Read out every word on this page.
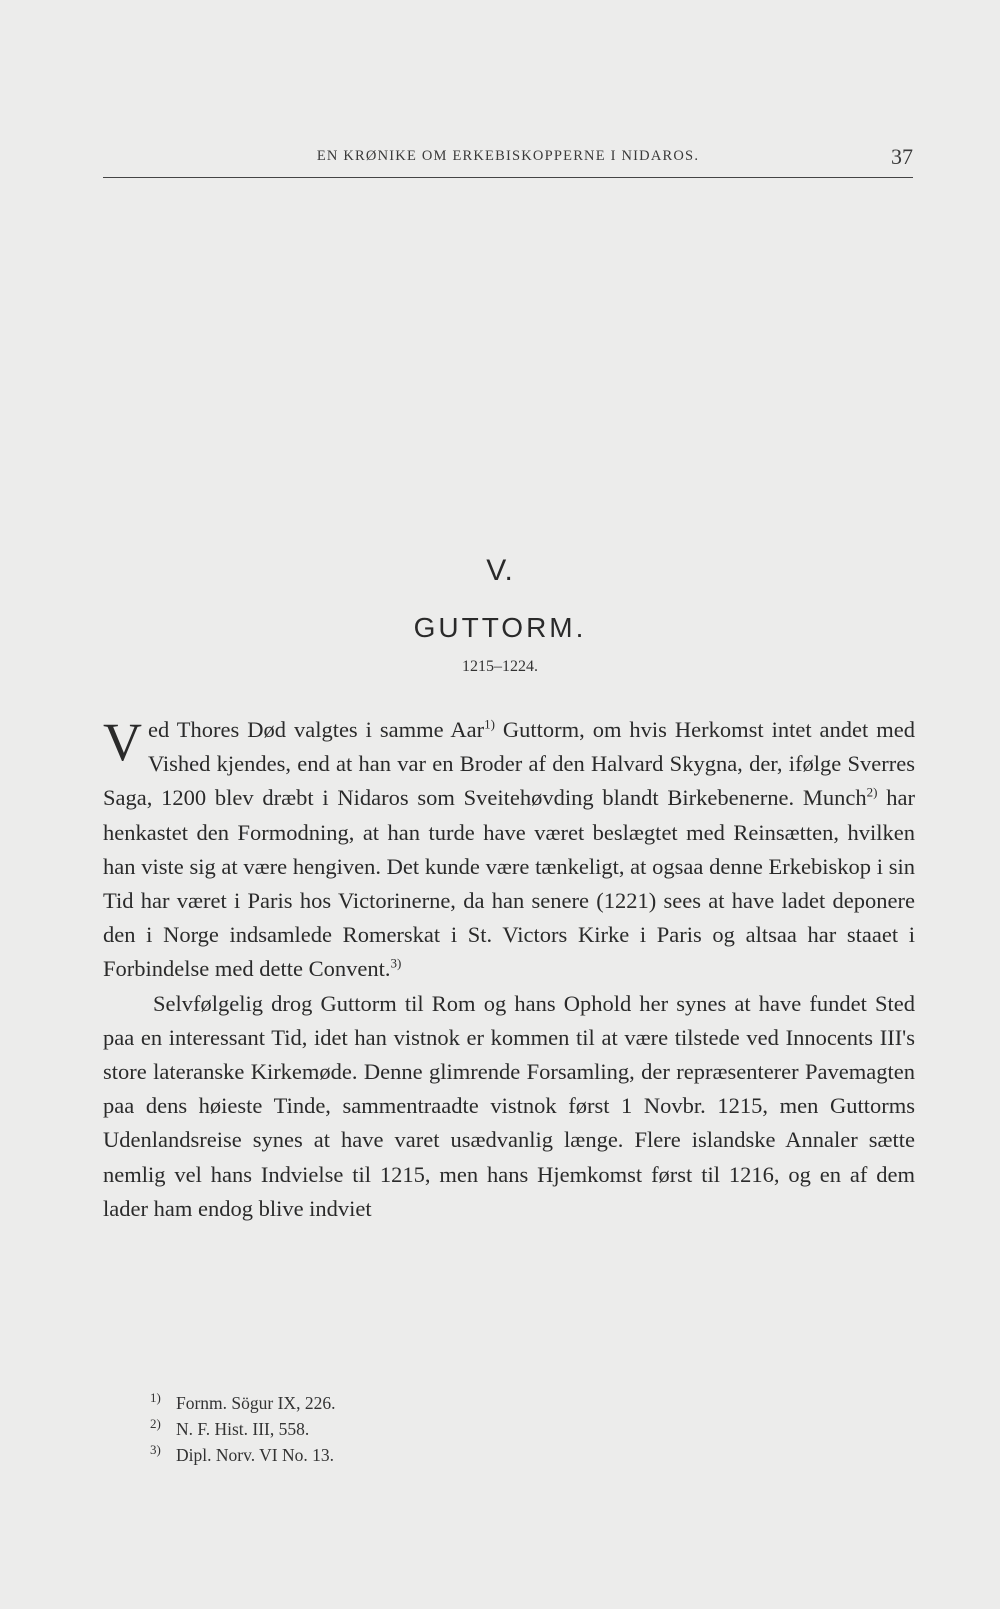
EN KRØNIKE OM ERKEBISKOPPERNE I NIDAROS.	37
V.
GUTTORM.
1215–1224.

Ved Thores Død valgtes i samme Aar$^{1)}$ Guttorm, om hvis Herkomst intet andet med Vished kjendes, end at han var en Broder af den Halvard Skygna, der, ifølge Sverres Saga, 1200 blev dræbt i Nidaros som Sveitehøvding blandt Birkebenerne. Munch$^{2)}$ har henkastet den Formodning, at han turde have været beslægtet med Reinsætten, hvilken han viste sig at være hengiven. Det kunde være tænkeligt, at ogsaa denne Erkebiskop i sin Tid har været i Paris hos Victorinerne, da han senere (1221) sees at have ladet deponere den i Norge indsamlede Romerskat i St. Victors Kirke i Paris og altsaa har staaet i Forbindelse med dette Convent.$^{3)}$

Selvfølgelig drog Guttorm til Rom og hans Ophold her synes at have fundet Sted paa en interessant Tid, idet han vistnok er kommen til at være tilstede ved Innocents III's store lateranske Kirkemøde. Denne glimrende Forsamling, der repræsenterer Pavemagten paa dens høieste Tinde, sammentraadte vistnok først 1 Novbr. 1215, men Guttorms Udenlandsreise synes at have varet usædvanlig længe. Flere islandske Annaler sætte nemlig vel hans Indvielse til 1215, men hans Hjemkomst først til 1216, og en af dem lader ham endog blive indviet

1) Fornm. Sögur IX, 226.
2) N. F. Hist. III, 558.
3) Dipl. Norv. VI No. 13.
